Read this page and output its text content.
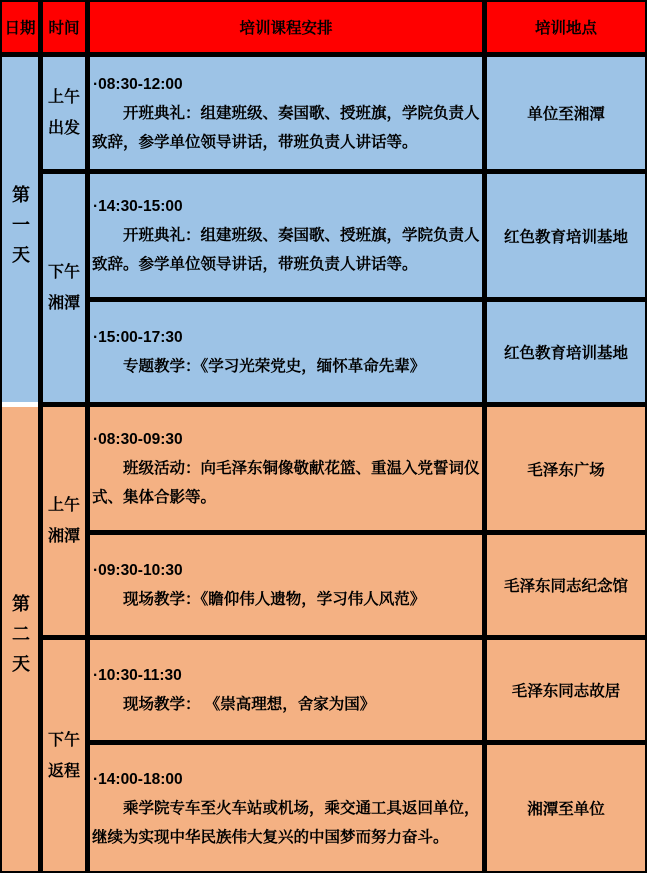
日期 时间	培训课程安排	培训地点
第一天
上午出发
下午湘潭
·08:30-12:00
开班典礼：组建班级、奏国歌、授班旗，学院负责人致辞，参学单位领导讲话，带班负责人讲话等。
单位至湘潭
·14:30-15:00
开班典礼：组建班级、奏国歌、授班旗，学院负责人致辞。参学单位领导讲话，带班负责人讲话等。
红色教育培训基地
·15:00-17:30
专题教学：《学习光荣党史，缅怀革命先辈》
红色教育培训基地
第二天
上午湘潭
下午返程
·08:30-09:30
班级活动：向毛泽东铜像敬献花篮、重温入党誓词仪式、集体合影等。
毛泽东广场
·09:30-10:30
现场教学：《瞻仰伟人遗物，学习伟人风范》
毛泽东同志纪念馆
·10:30-11:30
现场教学： 《崇高理想，舍家为国》
毛泽东同志故居
·14:00-18:00
乘学院专车至火车站或机场，乘交通工具返回单位，继续为实现中华民族伟大复兴的中国梦而努力奋斗。
湘潭至单位
